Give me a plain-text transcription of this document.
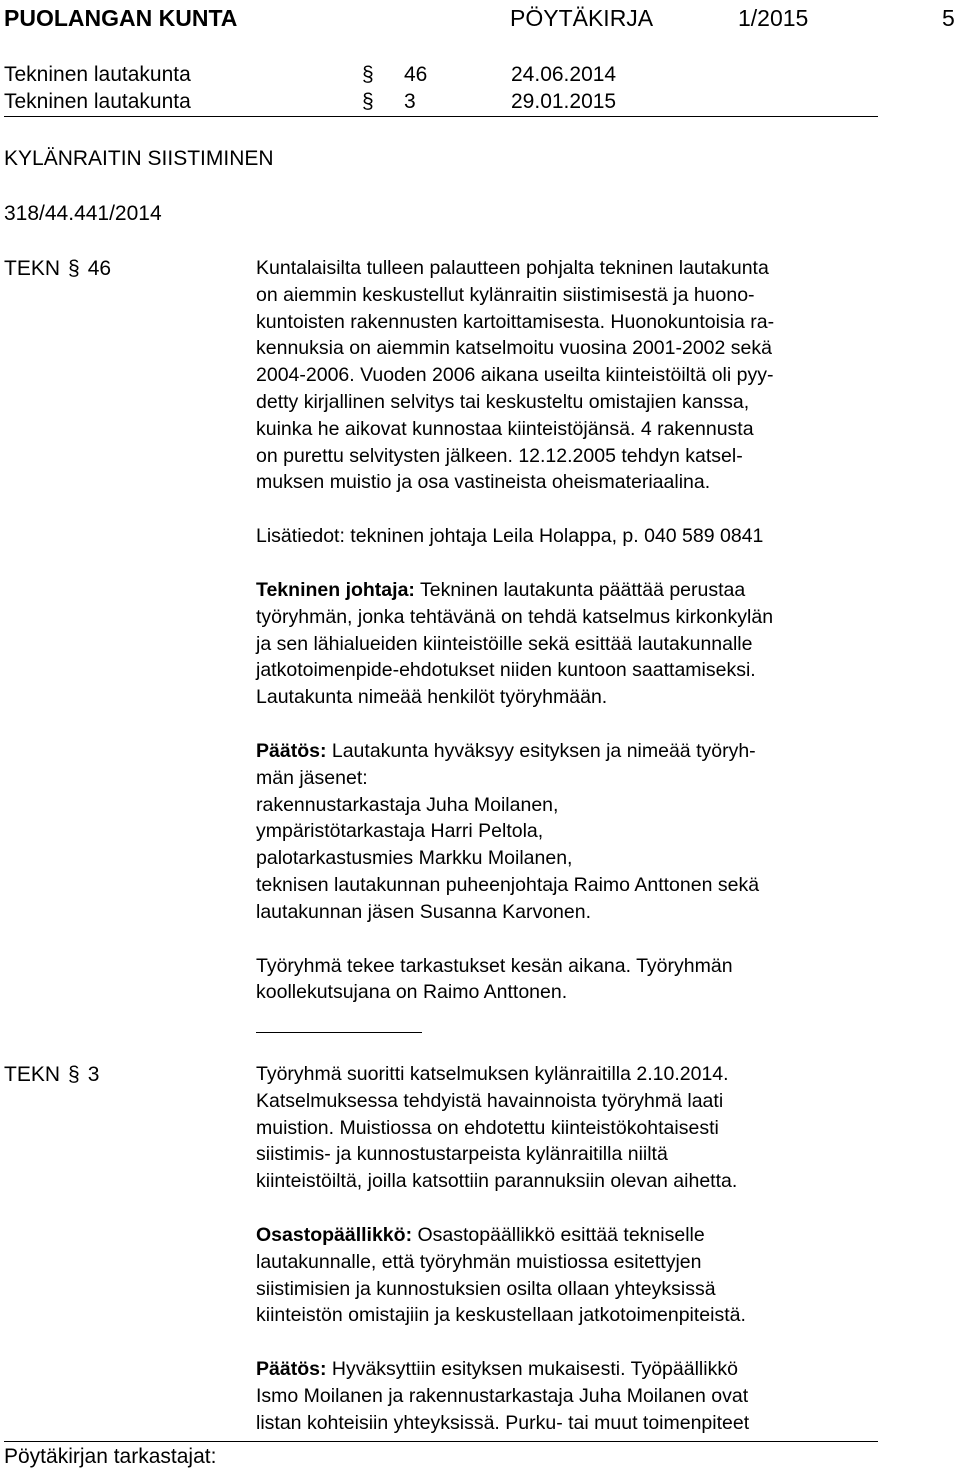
PUOLANGAN KUNTA	PÖYTÄKIRJA	1/2015	5
Tekninen lautakunta	§ 46	24.06.2014
Tekninen lautakunta	§ 3	29.01.2015
KYLÄNRAITIN SIISTIMINEN
318/44.441/2014
TEKN § 46	Kuntalaisilta tulleen palautteen pohjalta tekninen lautakunta

on aiemmin keskustellut kylänraitin siistimisestä ja huono-

kuntoisten rakennusten kartoittamisesta. Huonokuntoisia ra-

kennuksia on aiemmin katselmoitu vuosina 2001-2002 sekä

2004-2006. Vuoden 2006 aikana useilta kiinteistöiltä oli pyy-

detty kirjallinen selvitys tai keskusteltu omistajien kanssa,

kuinka he aikovat kunnostaa kiinteistöjänsä. 4 rakennusta

on purettu selvitysten jälkeen. 12.12.2005 tehdyn katsel-

muksen muistio ja osa vastineista oheismateriaalina.

Lisätiedot: tekninen johtaja Leila Holappa, p. 040 589 0841

Tekninen johtaja: Tekninen lautakunta päättää perustaa

työryhmän, jonka tehtävänä on tehdä katselmus kirkonkylän

ja sen lähialueiden kiinteistöille sekä esittää lautakunnalle

jatkotoimenpide-ehdotukset niiden kuntoon saattamiseksi.

Lautakunta nimeää henkilöt työryhmään.

Päätös: Lautakunta hyväksyy esityksen ja nimeää työryh-

män jäsenet:

rakennustarkastaja Juha Moilanen,

ympäristötarkastaja Harri Peltola,

palotarkastusmies Markku Moilanen,

teknisen lautakunnan puheenjohtaja Raimo Anttonen sekä

lautakunnan jäsen Susanna Karvonen.

Työryhmä tekee tarkastukset kesän aikana. Työryhmän

koollekutsujana on Raimo Anttonen.

TEKN § 3	Työryhmä suoritti katselmuksen kylänraitilla 2.10.2014.

Katselmuksessa tehdyistä havainnoista työryhmä laati

muistion. Muistiossa on ehdotettu kiinteistökohtaisesti

siistimis- ja kunnostustarpeista kylänraitilla niiltä

kiinteistöiltä, joilla katsottiin parannuksiin olevan aihetta.

Osastopäällikkö: Osastopäällikkö esittää tekniselle

lautakunnalle, että työryhmän muistiossa esitettyjen

siistimisien ja kunnostuksien osilta ollaan yhteyksissä

kiinteistön omistajiin ja keskustellaan jatkotoimenpiteistä.

Päätös: Hyväksyttiin esityksen mukaisesti. Työpäällikkö

Ismo Moilanen ja rakennustarkastaja Juha Moilanen ovat

listan kohteisiin yhteyksissä. Purku- tai muut toimenpiteet

Pöytäkirjan tarkastajat:
